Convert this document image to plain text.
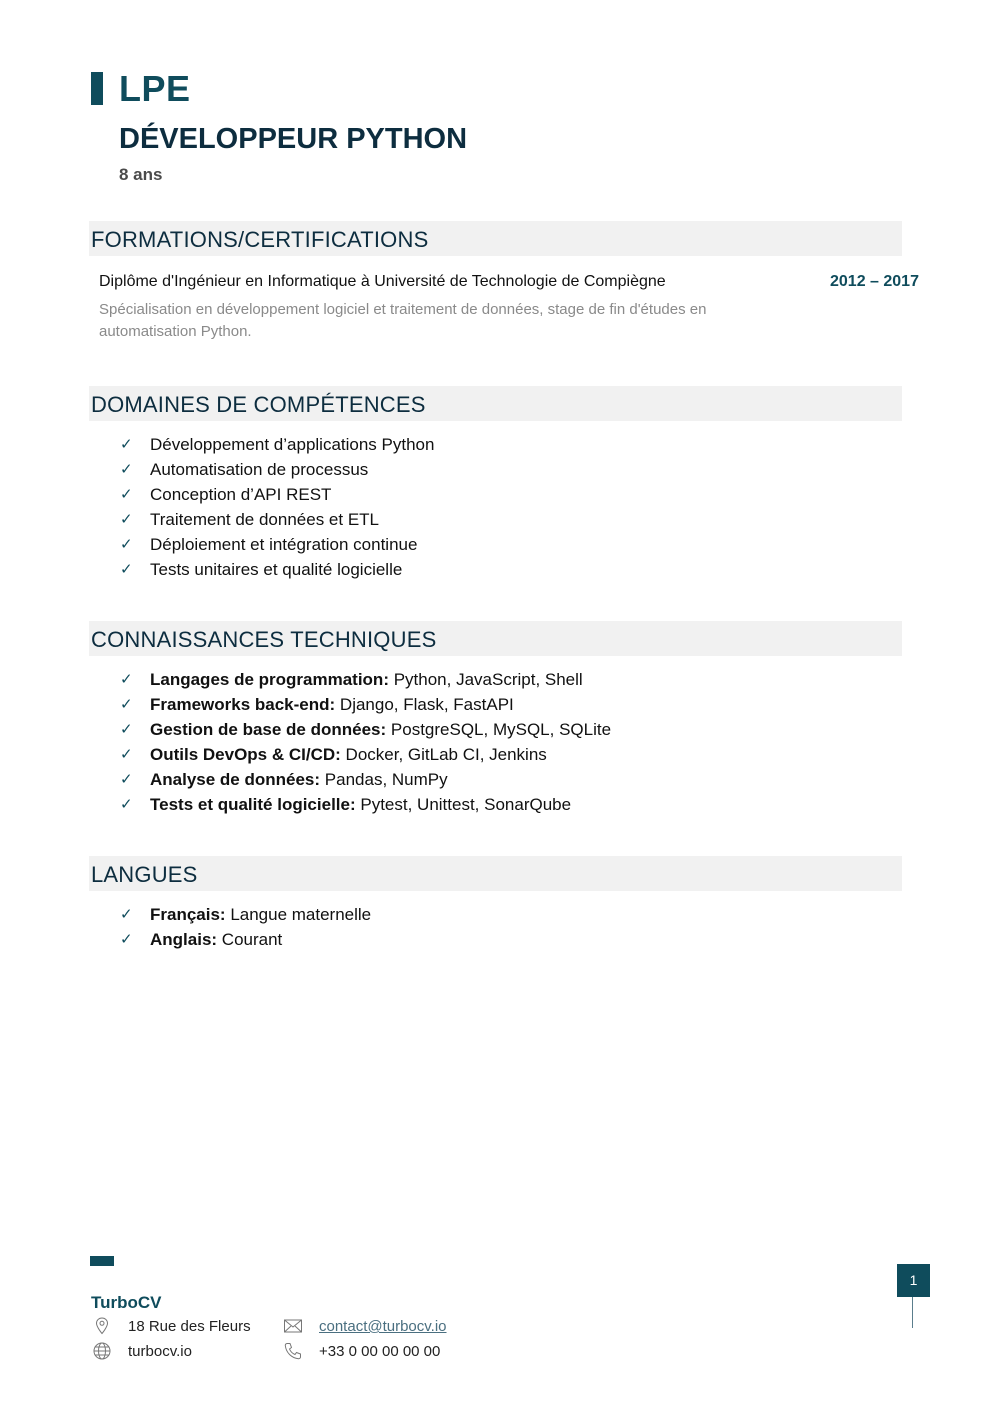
LPE
DÉVELOPPEUR PYTHON
8 ans
FORMATIONS/CERTIFICATIONS
Diplôme d'Ingénieur en Informatique à Université de Technologie de Compiègne	2012 – 2017
Spécialisation en développement logiciel et traitement de données, stage de fin d'études en automatisation Python.
DOMAINES DE COMPÉTENCES
✓ Développement d’applications Python
✓ Automatisation de processus
✓ Conception d’API REST
✓ Traitement de données et ETL
✓ Déploiement et intégration continue
✓ Tests unitaires et qualité logicielle
CONNAISSANCES TECHNIQUES
✓ Langages de programmation: Python, JavaScript, Shell
✓ Frameworks back-end: Django, Flask, FastAPI
✓ Gestion de base de données: PostgreSQL, MySQL, SQLite
✓ Outils DevOps & CI/CD: Docker, GitLab CI, Jenkins
✓ Analyse de données: Pandas, NumPy
✓ Tests et qualité logicielle: Pytest, Unittest, SonarQube
LANGUES
✓ Français: Langue maternelle
✓ Anglais: Courant
TurboCV
18 Rue des Fleurs
turbocv.io
contact@turbocv.io
+33 0 00 00 00 00
1
